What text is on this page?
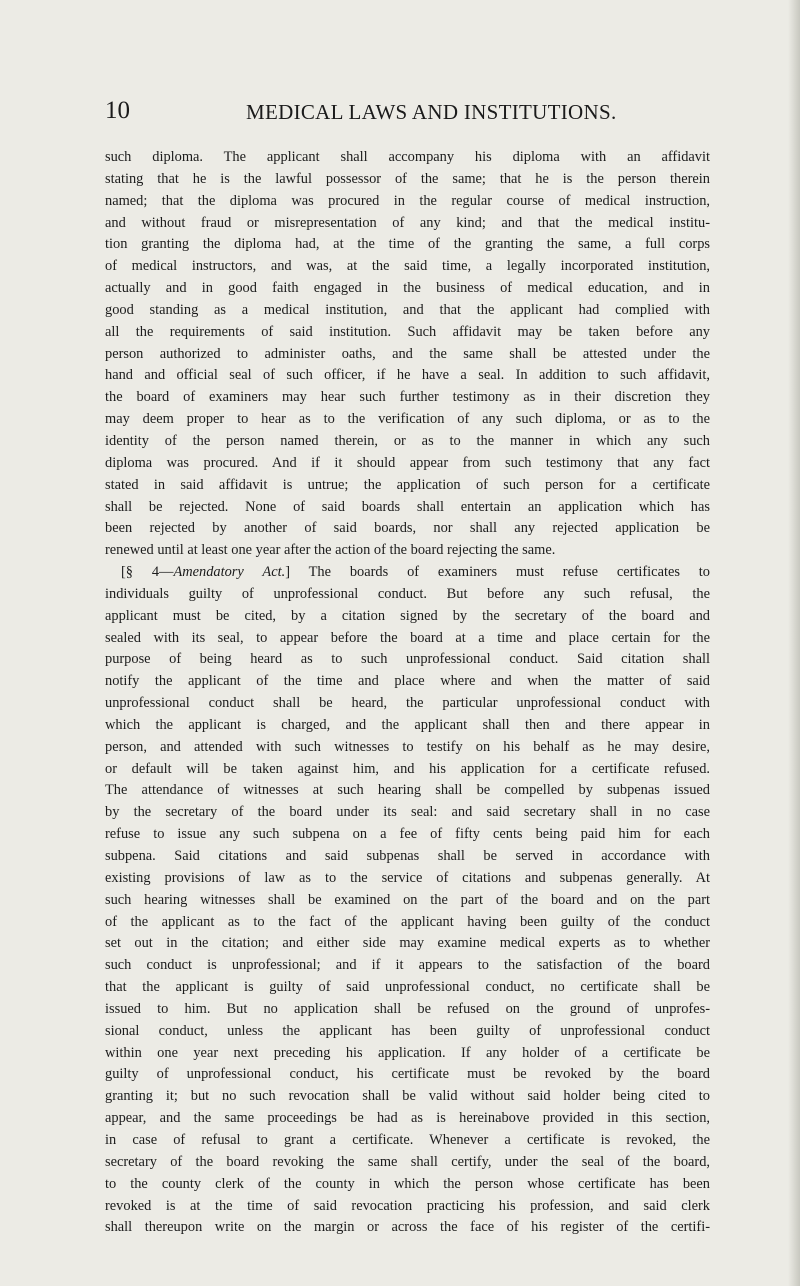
10	MEDICAL LAWS AND INSTITUTIONS.
such diploma. The applicant shall accompany his diploma with an affidavit
stating that he is the lawful possessor of the same; that he is the person therein
named; that the diploma was procured in the regular course of medical instruction,
and without fraud or misrepresentation of any kind; and that the medical institu-
tion granting the diploma had, at the time of the granting the same, a full corps
of medical instructors, and was, at the said time, a legally incorporated institution,
actually and in good faith engaged in the business of medical education, and in
good standing as a medical institution, and that the applicant had complied with
all the requirements of said institution. Such affidavit may be taken before any
person authorized to administer oaths, and the same shall be attested under the
hand and official seal of such officer, if he have a seal. In addition to such affidavit,
the board of examiners may hear such further testimony as in their discretion they
may deem proper to hear as to the verification of any such diploma, or as to the
identity of the person named therein, or as to the manner in which any such
diploma was procured. And if it should appear from such testimony that any fact
stated in said affidavit is untrue; the application of such person for a certificate
shall be rejected. None of said boards shall entertain an application which has
been rejected by another of said boards, nor shall any rejected application be
renewed until at least one year after the action of the board rejecting the same.
[§ 4—Amendatory Act.] The boards of examiners must refuse certificates to
individuals guilty of unprofessional conduct. But before any such refusal, the
applicant must be cited, by a citation signed by the secretary of the board and
sealed with its seal, to appear before the board at a time and place certain for the
purpose of being heard as to such unprofessional conduct. Said citation shall
notify the applicant of the time and place where and when the matter of said
unprofessional conduct shall be heard, the particular unprofessional conduct with
which the applicant is charged, and the applicant shall then and there appear in
person, and attended with such witnesses to testify on his behalf as he may desire,
or default will be taken against him, and his application for a certificate refused.
The attendance of witnesses at such hearing shall be compelled by subpenas issued
by the secretary of the board under its seal: and said secretary shall in no case
refuse to issue any such subpena on a fee of fifty cents being paid him for each
subpena. Said citations and said subpenas shall be served in accordance with
existing provisions of law as to the service of citations and subpenas generally. At
such hearing witnesses shall be examined on the part of the board and on the part
of the applicant as to the fact of the applicant having been guilty of the conduct
set out in the citation; and either side may examine medical experts as to whether
such conduct is unprofessional; and if it appears to the satisfaction of the board
that the applicant is guilty of said unprofessional conduct, no certificate shall be
issued to him. But no application shall be refused on the ground of unprofes-
sional conduct, unless the applicant has been guilty of unprofessional conduct
within one year next preceding his application. If any holder of a certificate be
guilty of unprofessional conduct, his certificate must be revoked by the board
granting it; but no such revocation shall be valid without said holder being cited to
appear, and the same proceedings be had as is hereinabove provided in this section,
in case of refusal to grant a certificate. Whenever a certificate is revoked, the
secretary of the board revoking the same shall certify, under the seal of the board,
to the county clerk of the county in which the person whose certificate has been
revoked is at the time of said revocation practicing his profession, and said clerk
shall thereupon write on the margin or across the face of his register of the certifi-
